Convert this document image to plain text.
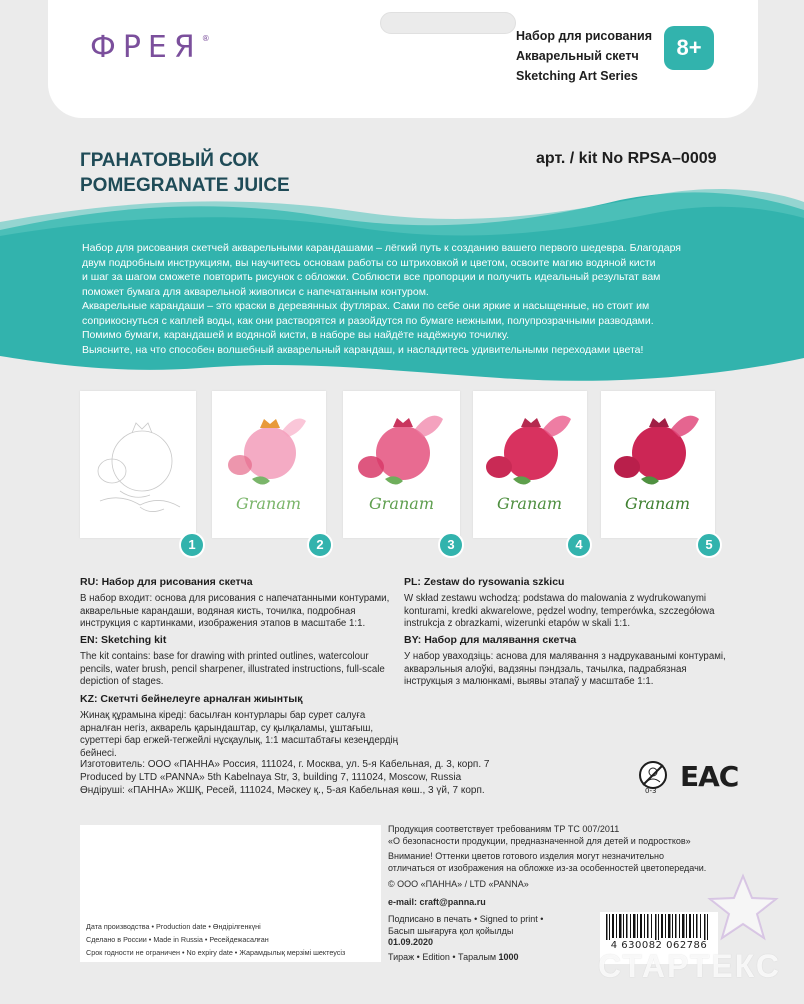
ФРЕЯ®	Набор для рисования
Акварельный скетч
Sketching Art Series
8+
ГРАНАТОВЫЙ СОК
POMEGRANATE JUICE
арт. / kit No RPSA–0009
Набор для рисования скетчей акварельными карандашами – лёгкий путь к созданию вашего первого шедевра. Благодаря
двум подробным инструкциям, вы научитесь основам работы со штриховкой и цветом, освоите магию водяной кисти
и шаг за шагом сможете повторить рисунок с обложки. Соблюсти все пропорции и получить идеальный результат вам
поможет бумага для акварельной живописи с напечатанным контуром.
Акварельные карандаши – это краски в деревянных футлярах. Сами по себе они яркие и насыщенные, но стоит им
соприкоснуться с каплей воды, как они растворятся и разойдутся по бумаге нежными, полупрозрачными разводами.
Помимо бумаги, карандашей и водяной кисти, в наборе вы найдёте надёжную точилку.
Выясните, на что способен волшебный акварельный карандаш, и насладитесь удивительными переходами цвета!
Granат	Granат	Granат	Granат
1	2	3	4	5
RU: Набор для рисования скетча
В набор входит: основа для рисования с напечатанными контурами,
акварельные карандаши, водяная кисть, точилка, подробная
инструкция с картинками, изображения этапов в масштабе 1:1.
EN: Sketching kit
The kit contains: base for drawing with printed outlines, watercolour
pencils, water brush, pencil sharpener, illustrated instructions, full-scale
depiction of stages.
KZ: Скетчті бейнелеуге арналған жиынтық
Жинақ құрамына кіреді: басылған контурлары бар сурет салуға
арналған негіз, акварель қарындаштар, су қылқаламы, ұштағыш,
суреттері бар егжей-тегжейлі нұсқаулық, 1:1 масштабтағы кезеңдердің
бейнесі.
PL: Zestaw do rysowania szkicu
W skład zestawu wchodzą: podstawa do malowania z wydrukowanymi
konturami, kredki akwarelowe, pędzel wodny, temperówka, szczegółowa
instrukcja z obrazkami, wizerunki etapów w skali 1:1.
BY: Набор для малявання скетча
У набор уваходзіць: аснова для малявання з надрукаванымі контурамі,
акварэльныя алоўкі, вадзяны пэндзаль, тачылка, падрабязная
інструкцыя з малюнкамі, выявы этапаў у масштабе 1:1.
Изготовитель: ООО «ПАННА» Россия, 111024, г. Москва, ул. 5-я Кабельная, д. 3, корп. 7
Produced by LTD «PANNA» 5th Kabelnaya Str, 3, building 7, 111024, Moscow, Russia
Өндіруші: «ПАННА» ЖШҚ, Ресей, 111024, Мәскеу қ., 5-ая Кабельная көш., 3 үй, 7 корп.	0-3 EAC
Дата производства • Production date • Өндірілгенкүні
Сделано в России • Made in Russia • Ресейдежасалған
Срок годности не ограничен • No expiry date • Жарамдылық мерзімі шектеусіз
Продукция соответствует требованиям ТР ТС 007/2011
«О безопасности продукции, предназначенной для детей и подростков»
Внимание! Оттенки цветов готового изделия могут незначительно
отличаться от изображения на обложке из-за особенностей цветопередачи.
© ООО «ПАННА» / LTD «PANNA»
e-mail: craft@panna.ru
Подписано в печать • Signed to print •
Басып шығаруға қол қойылды
01.09.2020
Тираж • Edition • Таралым 1000
4 630082 062786
СТАРТЕКС
